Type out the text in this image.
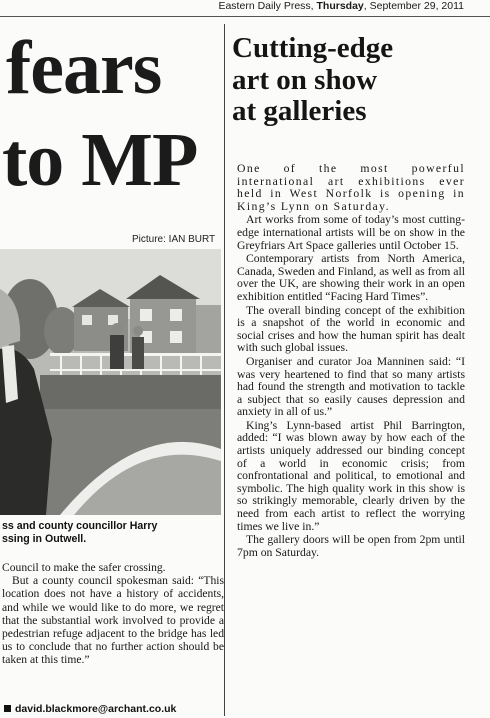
Eastern Daily Press, Thursday, September 29, 2011
fears
to MP
Picture: IAN BURT
ss and county councillor Harry
ssing in Outwell.

Council to make the safer crossing.

But a county council spokesman said: “This location does not have a history of accidents, and while we would like to do more, we regret that the substantial work involved to provide a pedestrian refuge adjacent to the bridge has led us to conclude that no further action should be taken at this time.”

david.blackmore@archant.co.uk
Cutting-edge
art on show
at galleries

One of the most powerful international art exhibitions ever held in West Norfolk is opening in King’s Lynn on Saturday.

Art works from some of today’s most cutting-edge international artists will be on show in the Greyfriars Art Space galleries until October 15.

Contemporary artists from North America, Canada, Sweden and Finland, as well as from all over the UK, are showing their work in an open exhibition entitled “Facing Hard Times”.

The overall binding concept of the exhibition is a snapshot of the world in economic and social crises and how the human spirit has dealt with such global issues.

Organiser and curator Joa Manninen said: “I was very heartened to find that so many artists had found the strength and motivation to tackle a subject that so easily causes depression and anxiety in all of us.”

King’s Lynn-based artist Phil Barrington, added: “I was blown away by how each of the artists uniquely addressed our binding concept of a world in economic crisis; from confrontational and political, to emotional and symbolic. The high quality work in this show is so strikingly memorable, clearly driven by the need from each artist to reflect the worrying times we live in.”

The gallery doors will be open from 2pm until 7pm on Saturday.
